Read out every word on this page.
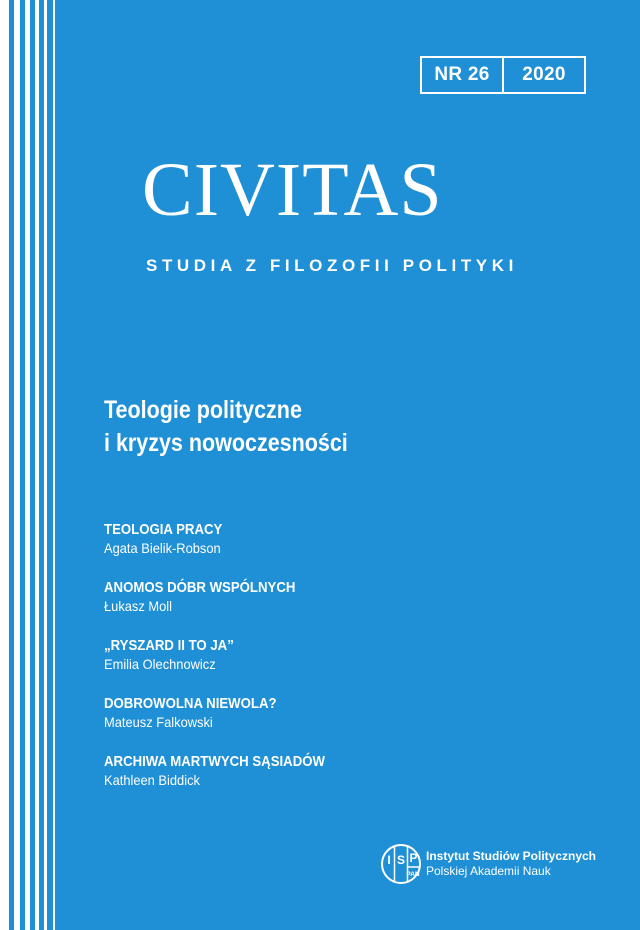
NR 26	2020
CIVITAS
STUDIA Z FILOZOFII POLITYKI
Teologie polityczne
i kryzys nowoczesności
TEOLOGIA PRACY
Agata Bielik-Robson
ANOMOS DÓBR WSPÓLNYCH
Łukasz Moll
„RYSZARD II TO JA”
Emilia Olechnowicz
DOBROWOLNA NIEWOLA?
Mateusz Falkowski
ARCHIWA MARTWYCH SĄSIADÓW
Kathleen Biddick
I S P
PAN
Instytut Studiów Politycznych
Polskiej Akademii Nauk
